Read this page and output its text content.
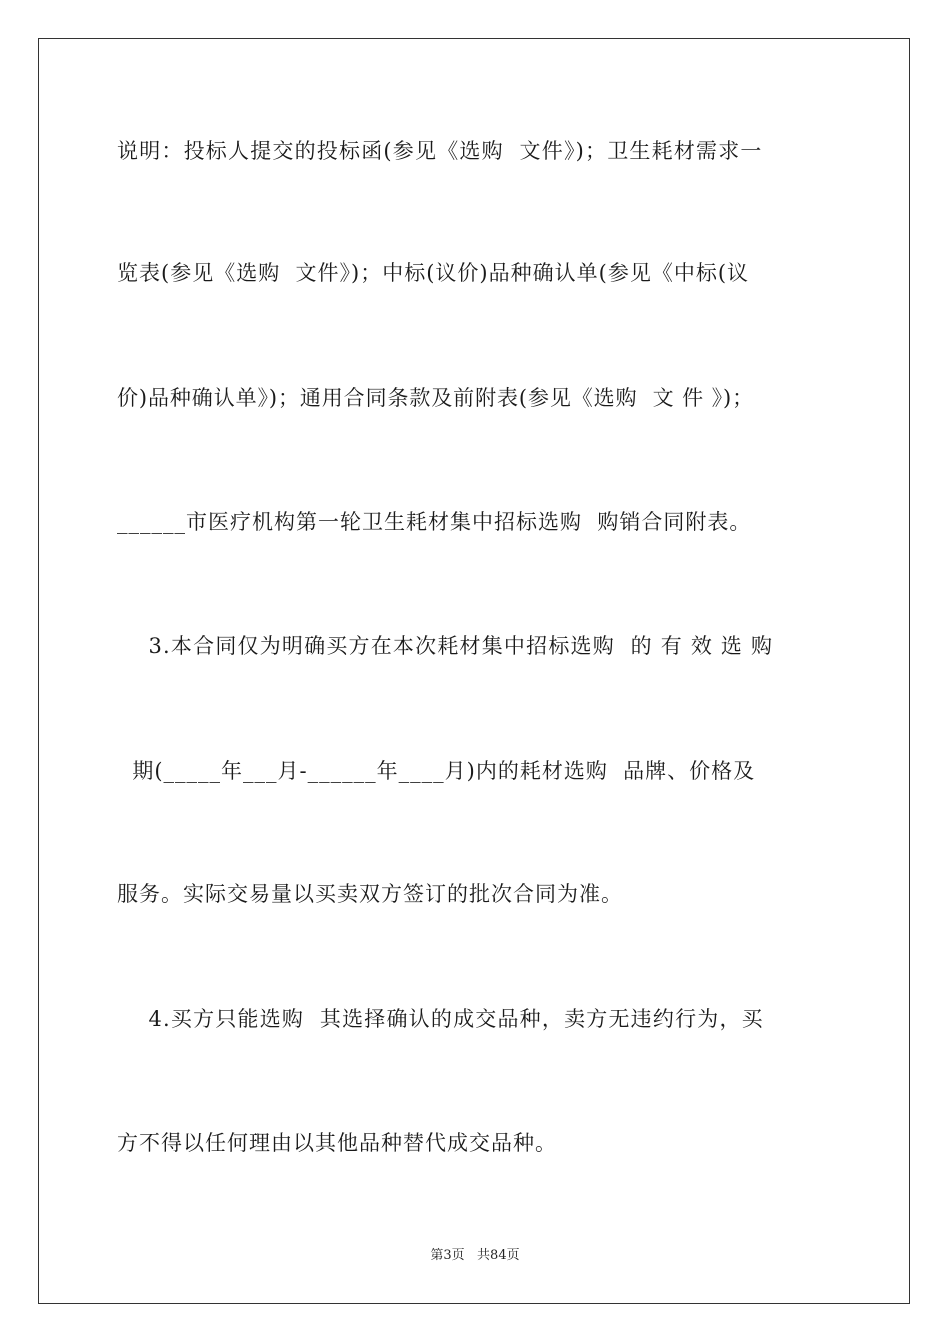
说明：投标人提交的投标函(参见《选购  文件》)；卫生耗材需求一
览表(参见《选购  文件》)；中标(议价)品种确认单(参见《中标(议
价)品种确认单》)；通用合同条款及前附表(参见《选购  文 件 》)；
______市医疗机构第一轮卫生耗材集中招标选购  购销合同附表。
3.本合同仅为明确买方在本次耗材集中招标选购  的 有 效 选 购
期(_____年___月-______年____月)内的耗材选购  品牌、价格及
服务。实际交易量以买卖双方签订的批次合同为准。
4.买方只能选购  其选择确认的成交品种，卖方无违约行为，买
方不得以任何理由以其他品种替代成交品种。
第3页   共84页
